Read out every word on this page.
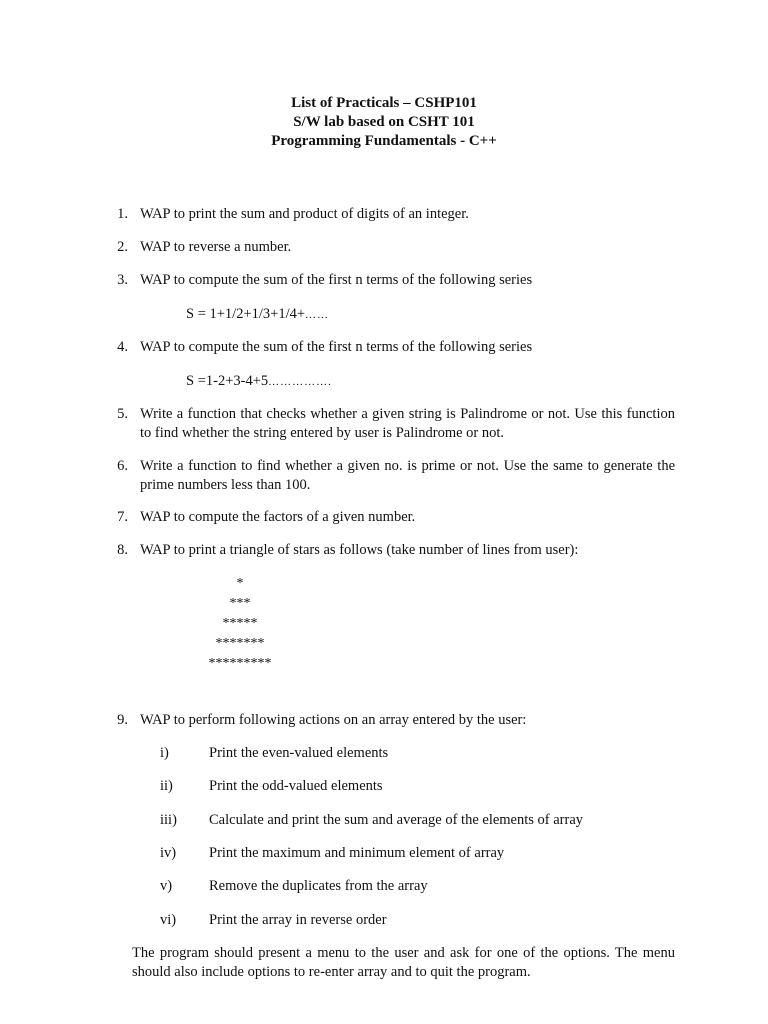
List of Practicals – CSHP101
S/W lab based on CSHT 101
Programming Fundamentals - C++
1. WAP to print the sum and product of digits of an integer.
2. WAP to reverse a number.
3. WAP to compute the sum of the first n terms of the following series
S = 1+1/2+1/3+1/4+……
4. WAP to compute the sum of the first n terms of the following series
S =1-2+3-4+5…………….
5. Write a function that checks whether a given string is Palindrome or not. Use this function to find whether the string entered by user is Palindrome or not.
6. Write a function to find whether a given no. is prime or not. Use the same to generate the prime numbers less than 100.
7. WAP to compute the factors of a given number.
8. WAP to print a triangle of stars as follows (take number of lines from user):
*
***
*****
*******
*********
9. WAP to perform following actions on an array entered by the user:
i)	Print the even-valued elements
ii) Print the odd-valued elements
iii) Calculate and print the sum and average of the elements of array
iv) Print the maximum and minimum element of array
v)	Remove the duplicates from the array
vi) Print the array in reverse order
The program should present a menu to the user and ask for one of the options. The menu should also include options to re-enter array and to quit the program.
